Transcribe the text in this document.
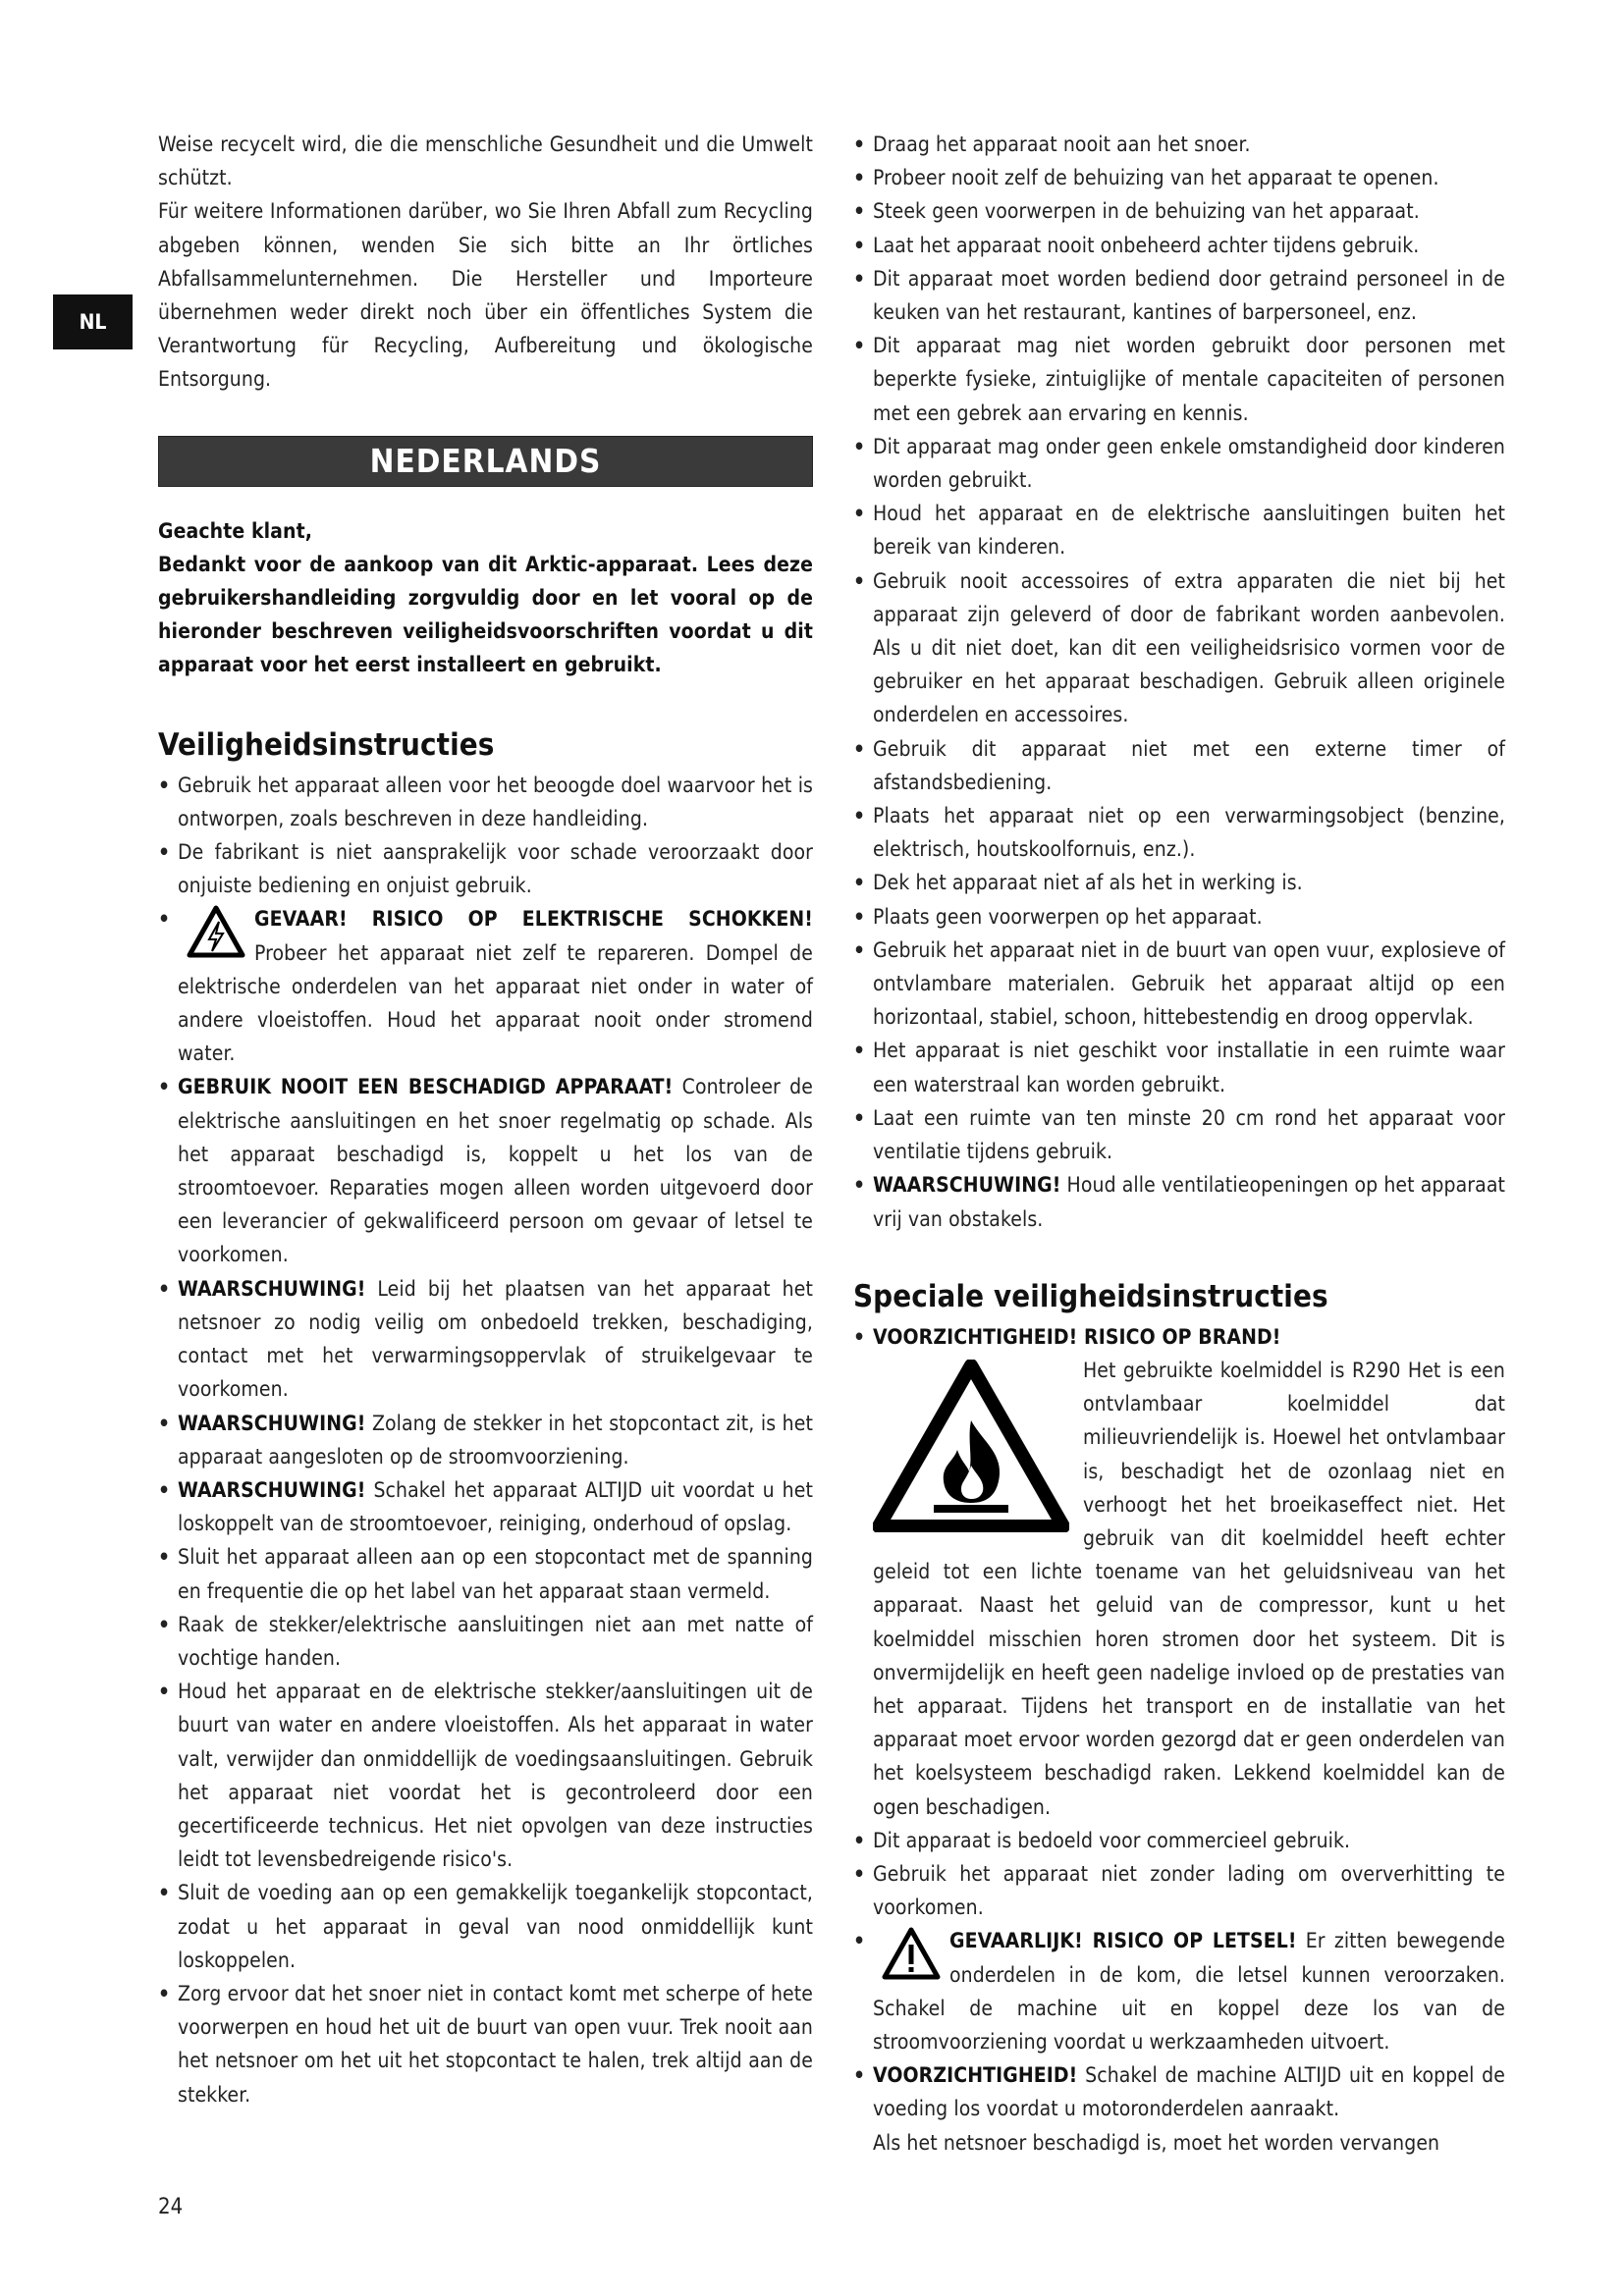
NL

Weise recycelt wird, die die menschliche Gesundheit und die Umwelt schützt.

Für weitere Informationen darüber, wo Sie Ihren Abfall zum Recycling abgeben können, wenden Sie sich bitte an Ihr örtliches Abfallsammelunternehmen. Die Hersteller und Importeure übernehmen weder direkt noch über ein öffentliches System die Verantwortung für Recycling, Aufbereitung und ökologische Entsorgung.

NEDERLANDS

Geachte klant,

Bedankt voor de aankoop van dit Arktic-apparaat. Lees deze gebruikershandleiding zorgvuldig door en let vooral op de hieronder beschreven veiligheidsvoorschriften voordat u dit apparaat voor het eerst installeert en gebruikt.

Veiligheidsinstructies
• Gebruik het apparaat alleen voor het beoogde doel waarvoor het is ontworpen, zoals beschreven in deze handleiding.
• De fabrikant is niet aansprakelijk voor schade veroorzaakt door onjuiste bediening en onjuist gebruik.
• GEVAAR! RISICO OP ELEKTRISCHE SCHOKKEN! Probeer het apparaat niet zelf te repareren. Dompel de elektrische onderdelen van het apparaat niet onder in water of andere vloeistoffen. Houd het apparaat nooit onder stromend water.
• GEBRUIK NOOIT EEN BESCHADIGD APPARAAT! Controleer de elektrische aansluitingen en het snoer regelmatig op schade. Als het apparaat beschadigd is, koppelt u het los van de stroomtoevoer. Reparaties mogen alleen worden uitgevoerd door een leverancier of gekwalificeerd persoon om gevaar of letsel te voorkomen.
• WAARSCHUWING! Leid bij het plaatsen van het apparaat het netsnoer zo nodig veilig om onbedoeld trekken, beschadiging, contact met het verwarmingsoppervlak of struikelgevaar te voorkomen.
• WAARSCHUWING! Zolang de stekker in het stopcontact zit, is het apparaat aangesloten op de stroomvoorziening.
• WAARSCHUWING! Schakel het apparaat ALTIJD uit voordat u het loskoppelt van de stroomtoevoer, reiniging, onderhoud of opslag.
• Sluit het apparaat alleen aan op een stopcontact met de spanning en frequentie die op het label van het apparaat staan vermeld.
• Raak de stekker/elektrische aansluitingen niet aan met natte of vochtige handen.
• Houd het apparaat en de elektrische stekker/aansluitingen uit de buurt van water en andere vloeistoffen. Als het apparaat in water valt, verwijder dan onmiddellijk de voedingsaansluitingen. Gebruik het apparaat niet voordat het is gecontroleerd door een gecertificeerde technicus. Het niet opvolgen van deze instructies leidt tot levensbedreigende risico's.
• Sluit de voeding aan op een gemakkelijk toegankelijk stopcontact, zodat u het apparaat in geval van nood onmiddellijk kunt loskoppelen.
• Zorg ervoor dat het snoer niet in contact komt met scherpe of hete voorwerpen en houd het uit de buurt van open vuur. Trek nooit aan het netsnoer om het uit het stopcontact te halen, trek altijd aan de stekker.
• Draag het apparaat nooit aan het snoer.
• Probeer nooit zelf de behuizing van het apparaat te openen.
• Steek geen voorwerpen in de behuizing van het apparaat.
• Laat het apparaat nooit onbeheerd achter tijdens gebruik.
• Dit apparaat moet worden bediend door getraind personeel in de keuken van het restaurant, kantines of barpersoneel, enz.
• Dit apparaat mag niet worden gebruikt door personen met beperkte fysieke, zintuiglijke of mentale capaciteiten of personen met een gebrek aan ervaring en kennis.
• Dit apparaat mag onder geen enkele omstandigheid door kinderen worden gebruikt.
• Houd het apparaat en de elektrische aansluitingen buiten het bereik van kinderen.
• Gebruik nooit accessoires of extra apparaten die niet bij het apparaat zijn geleverd of door de fabrikant worden aanbevolen. Als u dit niet doet, kan dit een veiligheidsrisico vormen voor de gebruiker en het apparaat beschadigen. Gebruik alleen originele onderdelen en accessoires.
• Gebruik dit apparaat niet met een externe timer of afstandsbediening.
• Plaats het apparaat niet op een verwarmingsobject (benzine, elektrisch, houtskoolfornuis, enz.).
• Dek het apparaat niet af als het in werking is.
• Plaats geen voorwerpen op het apparaat.
• Gebruik het apparaat niet in de buurt van open vuur, explosieve of ontvlambare materialen. Gebruik het apparaat altijd op een horizontaal, stabiel, schoon, hittebestendig en droog oppervlak.
• Het apparaat is niet geschikt voor installatie in een ruimte waar een waterstraal kan worden gebruikt.
• Laat een ruimte van ten minste 20 cm rond het apparaat voor ventilatie tijdens gebruik.
• WAARSCHUWING! Houd alle ventilatieopeningen op het apparaat vrij van obstakels.
Speciale veiligheidsinstructies
• VOORZICHTIGHEID! RISICO OP BRAND!

Het gebruikte koelmiddel is R290 Het is een ontvlambaar koelmiddel dat milieuvriendelijk is. Hoewel het ontvlambaar is, beschadigt het de ozonlaag niet en verhoogt het het broeikaseffect niet. Het gebruik van dit koelmiddel heeft echter geleid tot een lichte toename van het geluidsniveau van het apparaat. Naast het geluid van de compressor, kunt u het koelmiddel misschien horen stromen door het systeem. Dit is onvermijdelijk en heeft geen nadelige invloed op de prestaties van het apparaat. Tijdens het transport en de installatie van het apparaat moet ervoor worden gezorgd dat er geen onderdelen van het koelsysteem beschadigd raken. Lekkend koelmiddel kan de ogen beschadigen.
• Dit apparaat is bedoeld voor commercieel gebruik.
• Gebruik het apparaat niet zonder lading om oververhitting te voorkomen.
• GEVAARLIJK! RISICO OP LETSEL! Er zitten bewegende onderdelen in de kom, die letsel kunnen veroorzaken. Schakel de machine uit en koppel deze los van de stroomvoorziening voordat u werkzaamheden uitvoert.
• VOORZICHTIGHEID! Schakel de machine ALTIJD uit en koppel de voeding los voordat u motoronderdelen aanraakt.

Als het netsnoer beschadigd is, moet het worden vervangen

24
